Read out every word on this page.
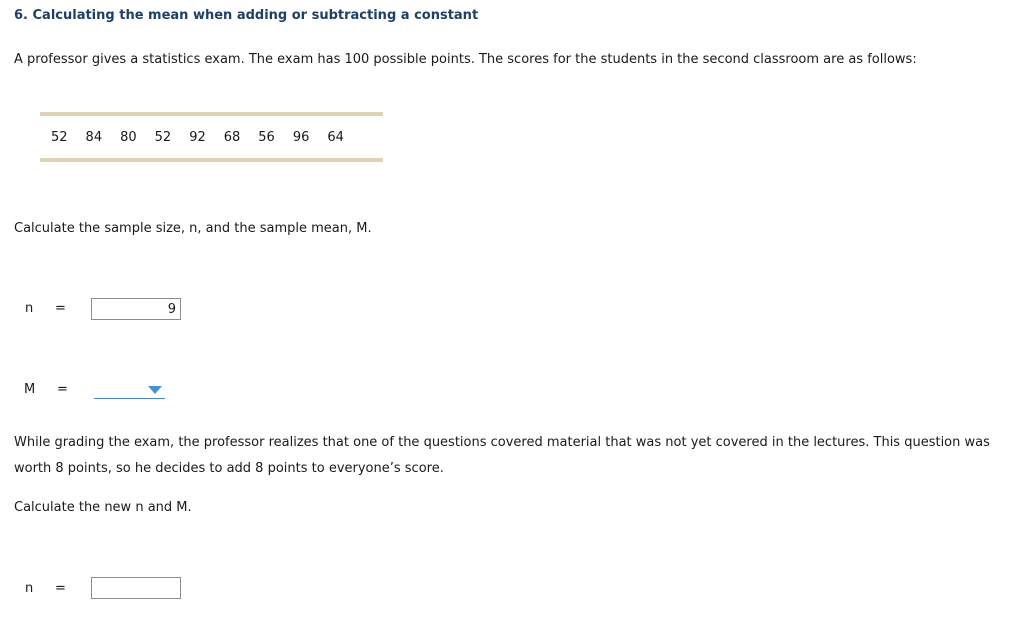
6. Calculating the mean when adding or subtracting a constant

A professor gives a statistics exam. The exam has 100 possible points. The scores for the students in the second classroom are as follows:

52 84 80 52 92 68 56 96 64

Calculate the sample size, n, and the sample mean, M.

n =
9
M =

While grading the exam, the professor realizes that one of the questions covered material that was not yet covered in the lectures. This question was

worth 8 points, so he decides to add 8 points to everyone’s score.

Calculate the new n and M.

n =
